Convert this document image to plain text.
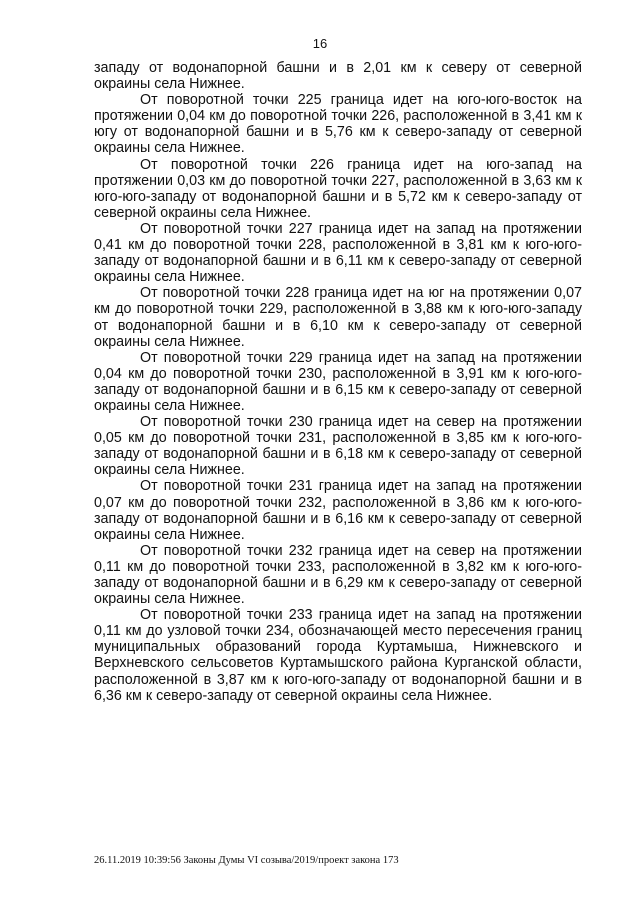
16

западу от водонапорной башни и в 2,01 км к северу от северной окраины села Нижнее.

От поворотной точки 225 граница идет на юго-юго-восток на протяжении 0,04 км до поворотной точки 226, расположенной в 3,41 км к югу от водонапорной башни и в 5,76 км к северо-западу от северной окраины села Нижнее.

От поворотной точки 226 граница идет на юго-запад на протяжении 0,03 км до поворотной точки 227, расположенной в 3,63 км к юго-юго-западу от водонапорной башни и в 5,72 км к северо-западу от северной окраины села Нижнее.

От поворотной точки 227 граница идет на запад на протяжении 0,41 км до поворотной точки 228, расположенной в 3,81 км к юго-юго-западу от водонапорной башни и в 6,11 км к северо-западу от северной окраины села Нижнее.

От поворотной точки 228 граница идет на юг на протяжении 0,07 км до поворотной точки 229, расположенной в 3,88 км к юго-юго-западу от водонапорной башни и в 6,10 км к северо-западу от северной окраины села Нижнее.

От поворотной точки 229 граница идет на запад на протяжении 0,04 км до поворотной точки 230, расположенной в 3,91 км к юго-юго-западу от водонапорной башни и в 6,15 км к северо-западу от северной окраины села Нижнее.

От поворотной точки 230 граница идет на север на протяжении 0,05 км до поворотной точки 231, расположенной в 3,85 км к юго-юго-западу от водонапорной башни и в 6,18 км к северо-западу от северной окраины села Нижнее.

От поворотной точки 231 граница идет на запад на протяжении 0,07 км до поворотной точки 232, расположенной в 3,86 км к юго-юго-западу от водонапорной башни и в 6,16 км к северо-западу от северной окраины села Нижнее.

От поворотной точки 232 граница идет на север на протяжении 0,11 км до поворотной точки 233, расположенной в 3,82 км к юго-юго-западу от водонапорной башни и в 6,29 км к северо-западу от северной окраины села Нижнее.

От поворотной точки 233 граница идет на запад на протяжении 0,11 км до узловой точки 234, обозначающей место пересечения границ муниципальных образований города Куртамыша, Нижневского и Верхневского сельсоветов Куртамышского района Курганской области, расположенной в 3,87 км к юго-юго-западу от водонапорной башни и в 6,36 км к северо-западу от северной окраины села Нижнее.

26.11.2019 10:39:56 Законы Думы VI созыва/2019/проект закона 173
